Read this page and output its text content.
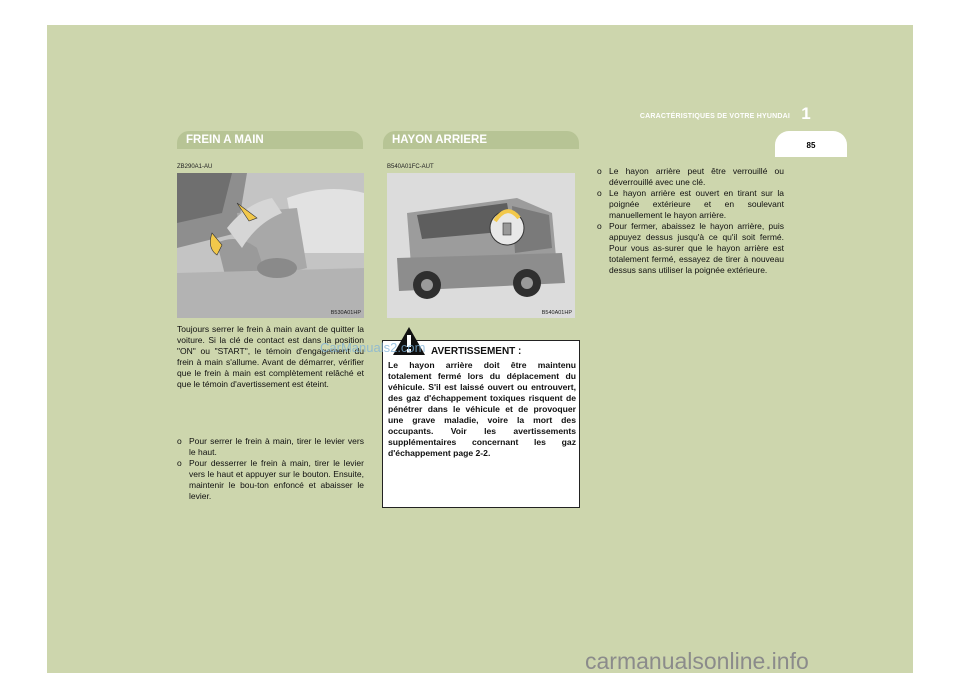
CARACTÉRISTIQUES DE VOTRE HYUNDAI 1
85
FREIN A MAIN	HAYON ARRIERE
ZB290A1-AU
B530A01HP
Toujours serrer le frein à main avant de quitter la voiture. Si la clé de contact est dans la position "ON" ou "START", le témoin d'engagement du frein à main s'allume. Avant de démarrer, vérifier que le frein à main est complètement relâché et que le témoin d'avertissement est éteint.
o Pour serrer le frein à main, tirer le levier vers le haut.
o Pour desserrer le frein à main, tirer le levier vers le haut et appuyer sur le bouton. Ensuite, maintenir le bou-ton enfoncé et abaisser le levier.
B540A01FC-AUT
B540A01HP
AVERTISSEMENT :
Le hayon arrière doit être maintenu totalement fermé lors du déplacement du véhicule. S'il est laissé ouvert ou entrouvert, des gaz d'échappement toxiques risquent de pénétrer dans le véhicule et de provoquer une grave maladie, voire la mort des occupants. Voir les avertissements supplémentaires concernant les gaz d'échappement page 2-2.
o Le hayon arrière peut être verrouillé ou déverrouillé avec une clé.
o Le hayon arrière est ouvert en tirant sur la poignée extérieure et en soulevant manuellement le hayon arrière.
o Pour fermer, abaissez le hayon arrière, puis appuyez dessus jusqu'à ce qu'il soit fermé. Pour vous as-surer que le hayon arrière est totalement fermé, essayez de tirer à nouveau dessus sans utiliser la poignée extérieure.
CarManuals2.com
carmanualsonline.info
